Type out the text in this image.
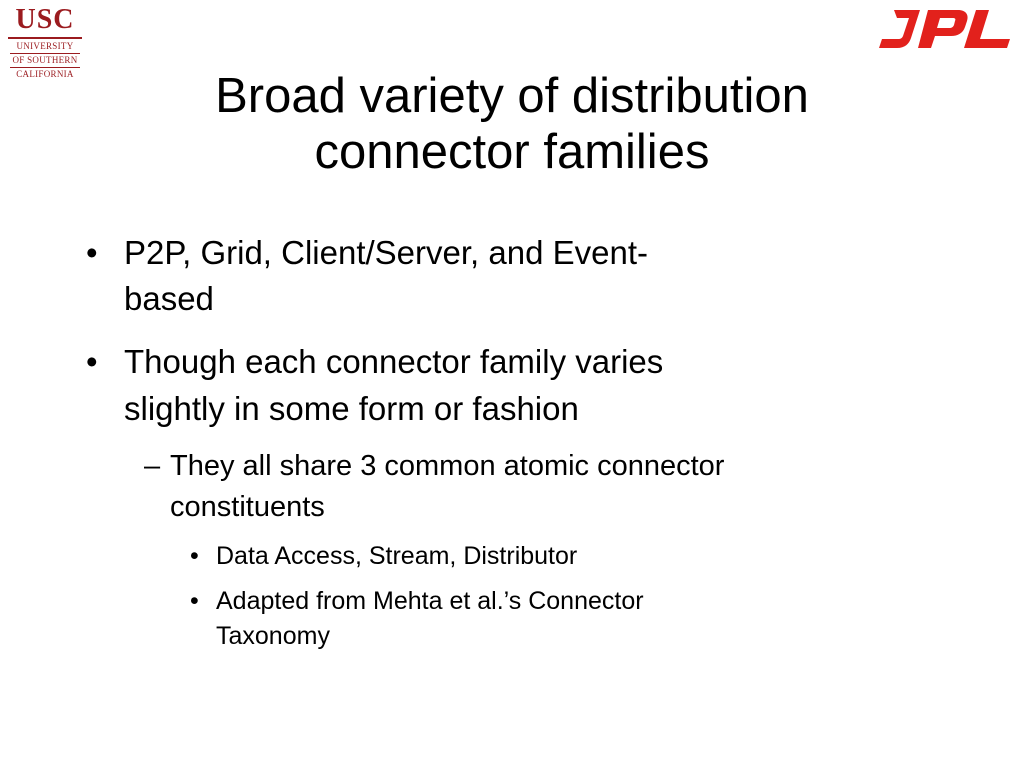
USC
UNIVERSITY
OF SOUTHERN
CALIFORNIA	Broad variety of distribution
connector families
• P2P, Grid, Client/Server, and Event-

based

• Though each connector family varies

slightly in some form or fashion

– They all share 3 common atomic connector

constituents

• Data Access, Stream, Distributor

• Adapted from Mehta et al.’s Connector

Taxonomy
